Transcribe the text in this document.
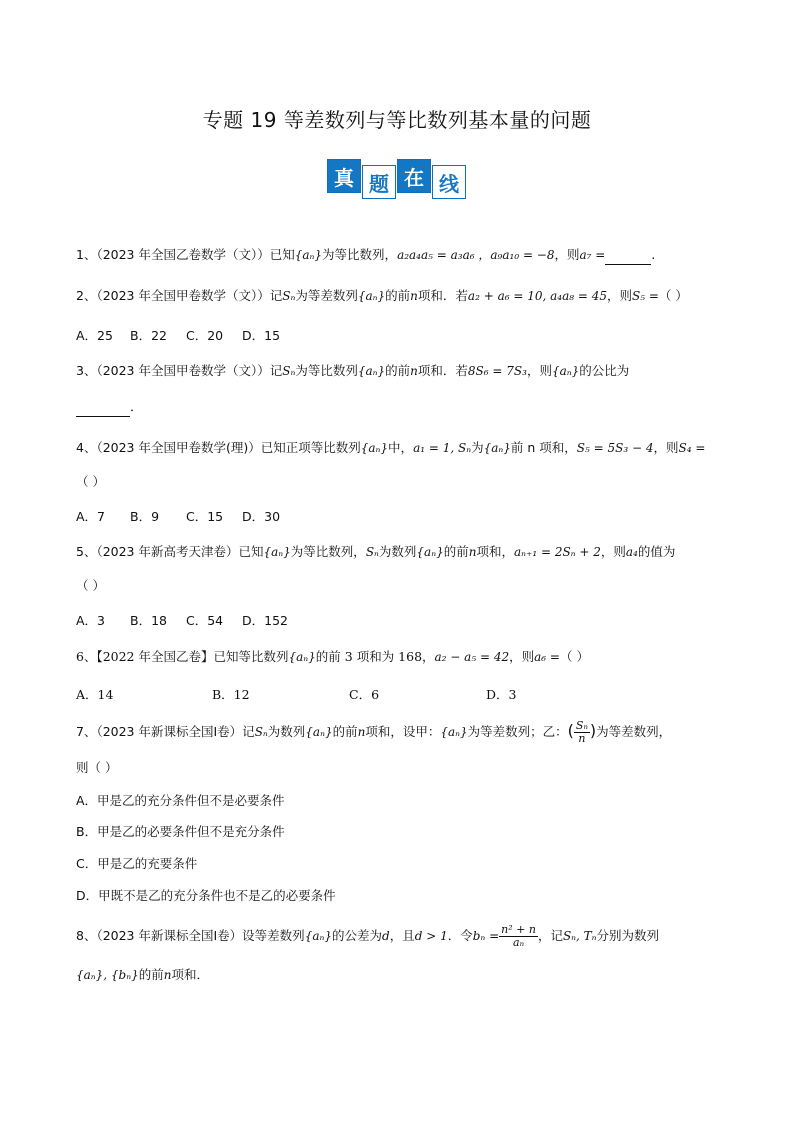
专题 19 等差数列与等比数列基本量的问题
真 题 在 线
1、（2023 年全国乙卷数学（文））已知{aₙ}为等比数列，a₂a₄a₅ = a₃a₆ ，a₉a₁₀ = −8，则a₇ =	.
2、（2023 年全国甲卷数学（文））记Sₙ为等差数列{aₙ}的前n项和．若a₂ + a₆ = 10, a₄a₈ = 45，则S₅ =（ ）
A．25 B．22 C．20 D．15
3、（2023 年全国甲卷数学（文））记Sₙ为等比数列{aₙ}的前n项和．若8S₆ = 7S₃，则{aₙ}的公比为
．
4、（2023 年全国甲卷数学(理)）已知正项等比数列{aₙ}中，a₁ = 1, Sₙ为{aₙ}前 n 项和，S₅ = 5S₃ − 4，则S₄ =
（ ）
A．7 B．9 C．15 D．30
5、（2023 年新高考天津卷）已知{aₙ}为等比数列，Sₙ为数列{aₙ}的前n项和，aₙ₊₁ = 2Sₙ + 2，则a₄的值为
（ ）
A．3 B．18 C．54 D．152
6、【2022 年全国乙卷】已知等比数列{aₙ}的前 3 项和为 168，a₂ − a₅ = 42，则a₆ =（ ）
A．14	B．12	C．6	D．3
7、（2023 年新课标全国Ⅰ卷）记Sₙ为数列{aₙ}的前n项和，设甲：{aₙ}为等差数列；乙：( $\frac{\text{Sₙ}}{n}$ )为等差数列，
则（ ）
A．甲是乙的充分条件但不是必要条件
B．甲是乙的必要条件但不是充分条件
C．甲是乙的充要条件
D．甲既不是乙的充分条件也不是乙的必要条件
8、（2023 年新课标全国Ⅰ卷）设等差数列{aₙ}的公差为d，且d > 1．令$b_n = \frac{\text{n² + n}}{\text{aₙ}}$ ，记Sₙ, Tₙ分别为数列
{aₙ}, {bₙ}的前n项和．
